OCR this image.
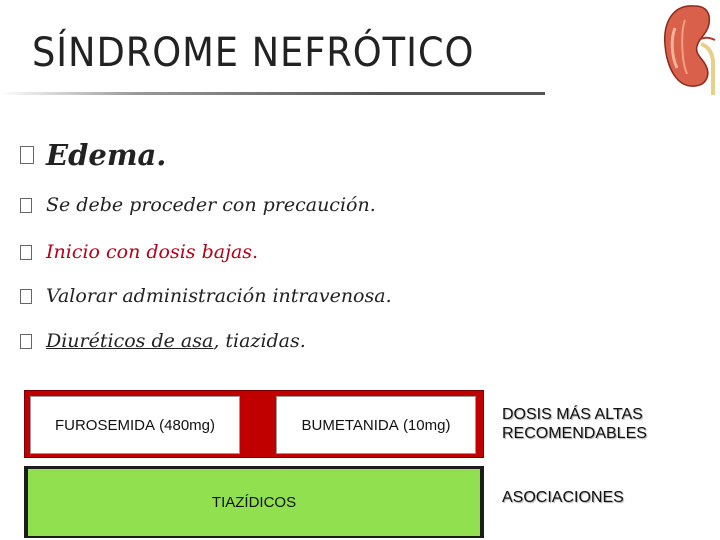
SÍNDROME NEFRÓTICO
Edema.
Se debe proceder con precaución.
Inicio con dosis bajas.
Valorar administración intravenosa.
Diuréticos de asa, tiazidas.
FUROSEMIDA
(480mg)	BUMETANIDA
(10mg)
DOSIS MÁS ALTAS
RECOMENDABLES
TIAZÍDICOS	ASOCIACIONES
